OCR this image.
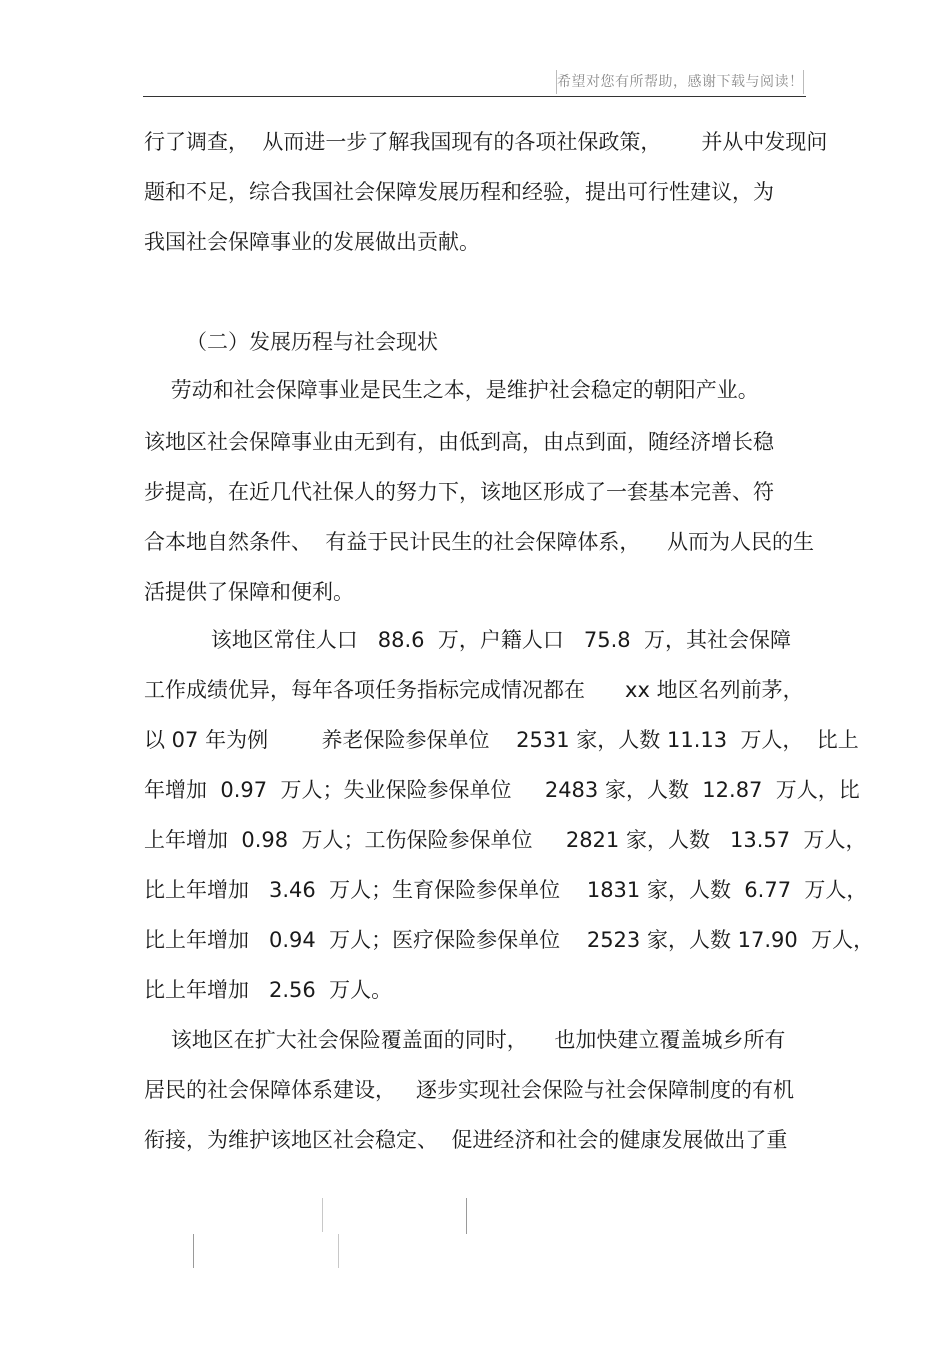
希望对您有所帮助，感谢下载与阅读！
行了调查，  从而进一步了解我国现有的各项社保政策，      并从中发现问
题和不足，综合我国社会保障发展历程和经验，提出可行性建议，为
我国社会保障事业的发展做出贡献。
（二）发展历程与社会现状
劳动和社会保障事业是民生之本，是维护社会稳定的朝阳产业。
该地区社会保障事业由无到有，由低到高，由点到面，随经济增长稳
步提高，在近几代社保人的努力下，该地区形成了一套基本完善、符
合本地自然条件、  有益于民计民生的社会保障体系，    从而为人民的生
活提供了保障和便利。
该地区常住人口   88.6  万，户籍人口   75.8  万，其社会保障
工作成绩优异，每年各项任务指标完成情况都在      xx 地区名列前茅，
以 07 年为例        养老保险参保单位    2531 家，人数 11.13  万人，  比上
年增加  0.97  万人；失业保险参保单位     2483 家，人数  12.87  万人，比
上年增加  0.98  万人；工伤保险参保单位     2821 家，人数   13.57  万人，
比上年增加   3.46  万人；生育保险参保单位    1831 家，人数  6.77  万人，
比上年增加   0.94  万人；医疗保险参保单位    2523 家，人数 17.90  万人，
比上年增加   2.56  万人。
该地区在扩大社会保险覆盖面的同时，    也加快建立覆盖城乡所有
居民的社会保障体系建设，   逐步实现社会保险与社会保障制度的有机
衔接，为维护该地区社会稳定、  促进经济和社会的健康发展做出了重
